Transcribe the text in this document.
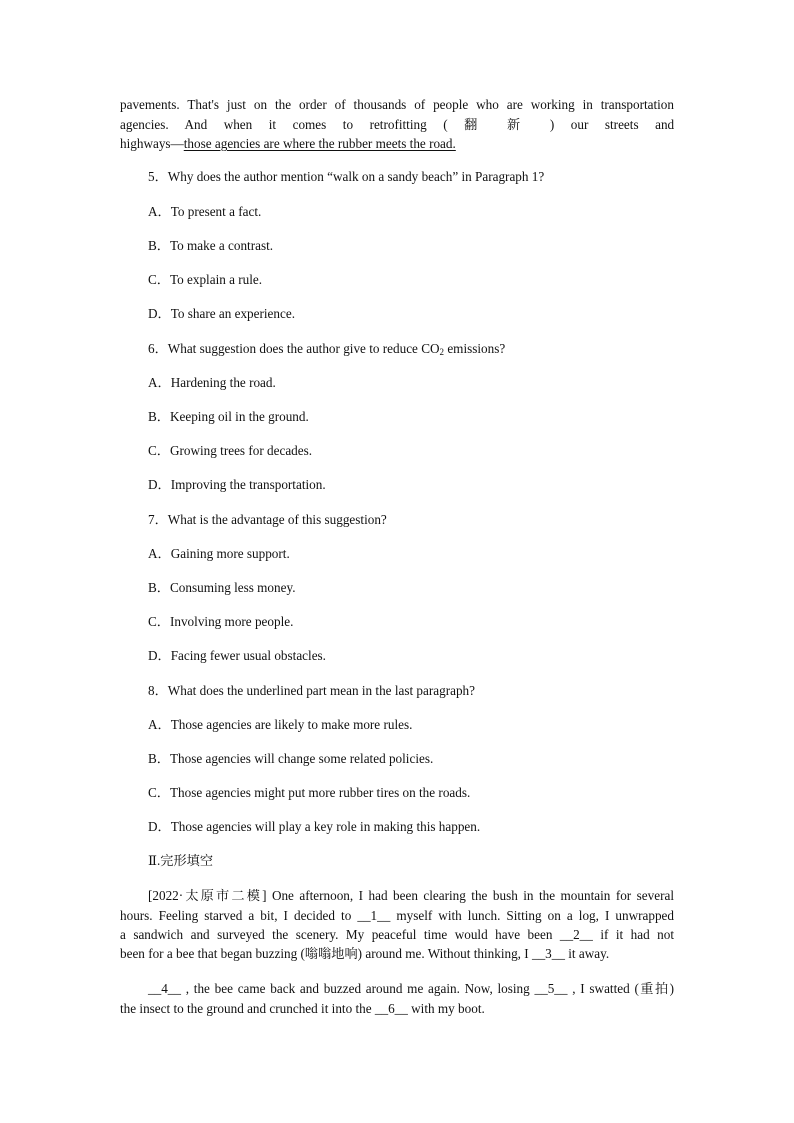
pavements. That's just on the order of thousands of people who are working in transportation
agencies. And when it comes to retrofitting ( 翻 新 ) our streets and
highways—those agencies are where the rubber meets the road.
5．Why does the author mention “walk on a sandy beach” in Paragraph 1?
A．To present a fact.
B．To make a contrast.
C．To explain a rule.
D．To share an experience.
6．What suggestion does the author give to reduce $CO_2$ emissions?
A．Hardening the road.
B．Keeping oil in the ground.
C．Growing trees for decades.
D．Improving the transportation.
7．What is the advantage of this suggestion?
A．Gaining more support.
B．Consuming less money.
C．Involving more people.
D．Facing fewer usual obstacles.
8．What does the underlined part mean in the last paragraph?
A．Those agencies are likely to make more rules.
B．Those agencies will change some related policies.
C．Those agencies might put more rubber tires on the roads.
D．Those agencies will play a key role in making this happen.
Ⅱ.完形填空
[2022·太原市二模] One afternoon, I had been clearing the bush in the mountain for several
hours. Feeling starved a bit, I decided to __1__ myself with lunch. Sitting on a log, I unwrapped
a sandwich and surveyed the scenery. My peaceful time would have been __2__ if it had not
been for a bee that began buzzing (嗡嗡地响) around me. Without thinking, I __3__ it away.
__4__ , the bee came back and buzzed around me again. Now, losing __5__ , I swatted (重拍)
the insect to the ground and crunched it into the __6__ with my boot.
